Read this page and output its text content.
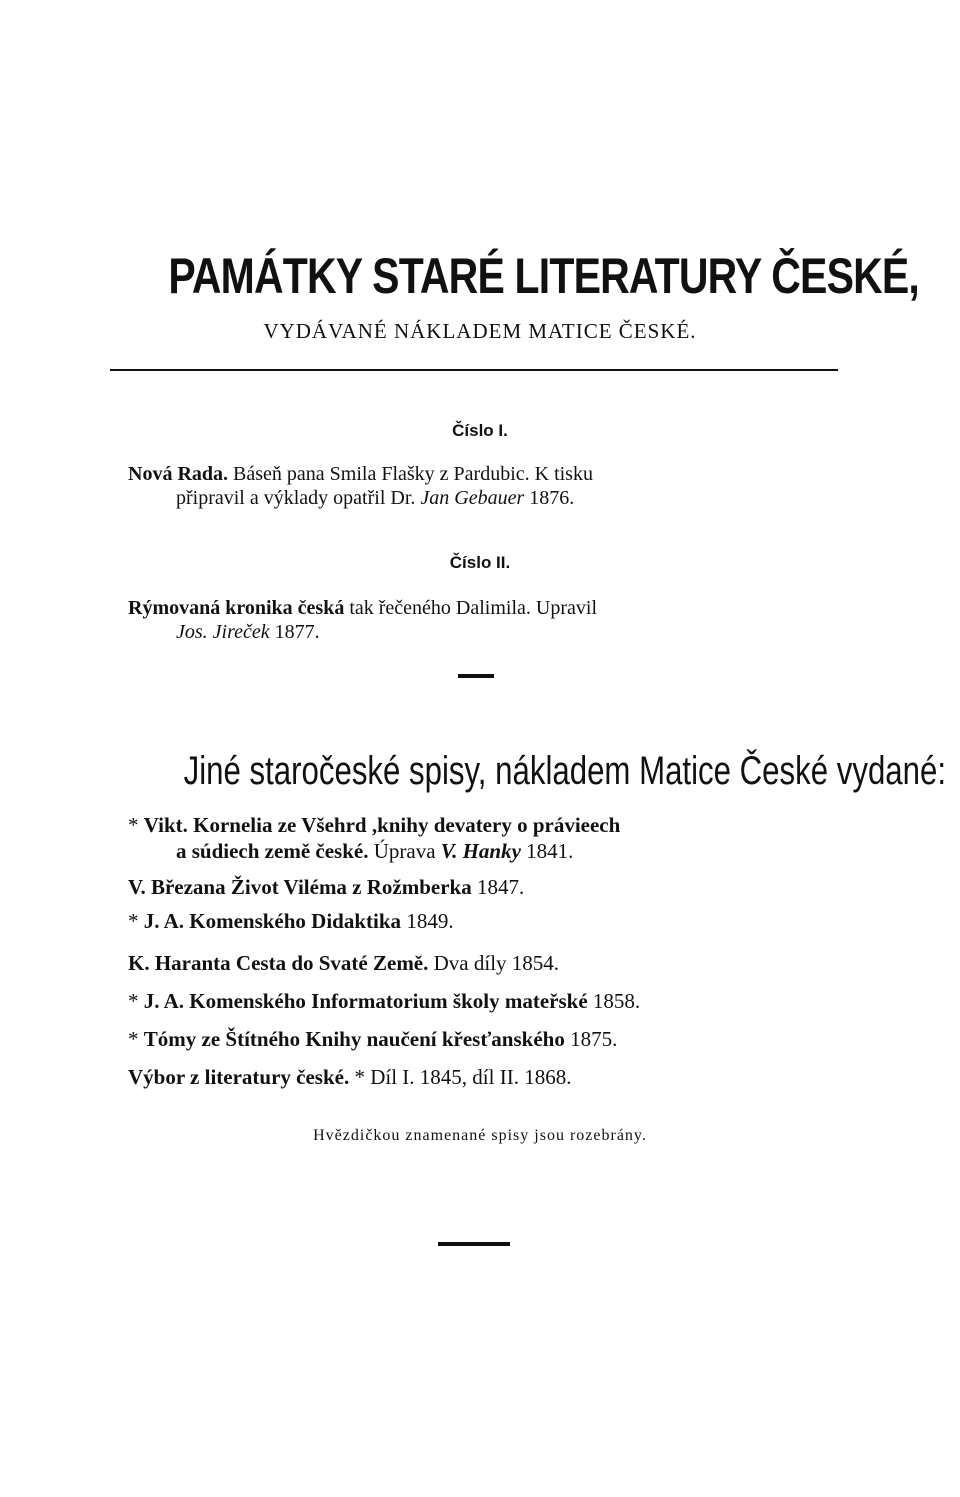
PAMÁTKY STARÉ LITERATURY ČESKÉ,
VYDÁVANÉ NÁKLADEM MATICE ČESKÉ.
Číslo I.
Nová Rada. Báseň pana Smila Flašky z Pardubic. K tisku
připravil a výklady opatřil Dr. Jan Gebauer 1876.
Číslo II.
Rýmovaná kronika česká tak řečeného Dalimila. Upravil
Jos. Jireček 1877.
Jiné staročeské spisy, nákladem Matice České vydané:
* Vikt. Kornelia ze Všehrd ,knihy devatery o právieech
a súdiech země české. Úprava V. Hanky 1841.
V. Březana Život Viléma z Rožmberka 1847.
* J. A. Komenského Didaktika 1849.
K. Haranta Cesta do Svaté Země. Dva díly 1854.
* J. A. Komenského Informatorium školy mateřské 1858.
* Tómy ze Štítného Knihy naučení křesťanského 1875.
Výbor z literatury české. * Díl I. 1845, díl II. 1868.
Hvězdičkou znamenané spisy jsou rozebrány.
